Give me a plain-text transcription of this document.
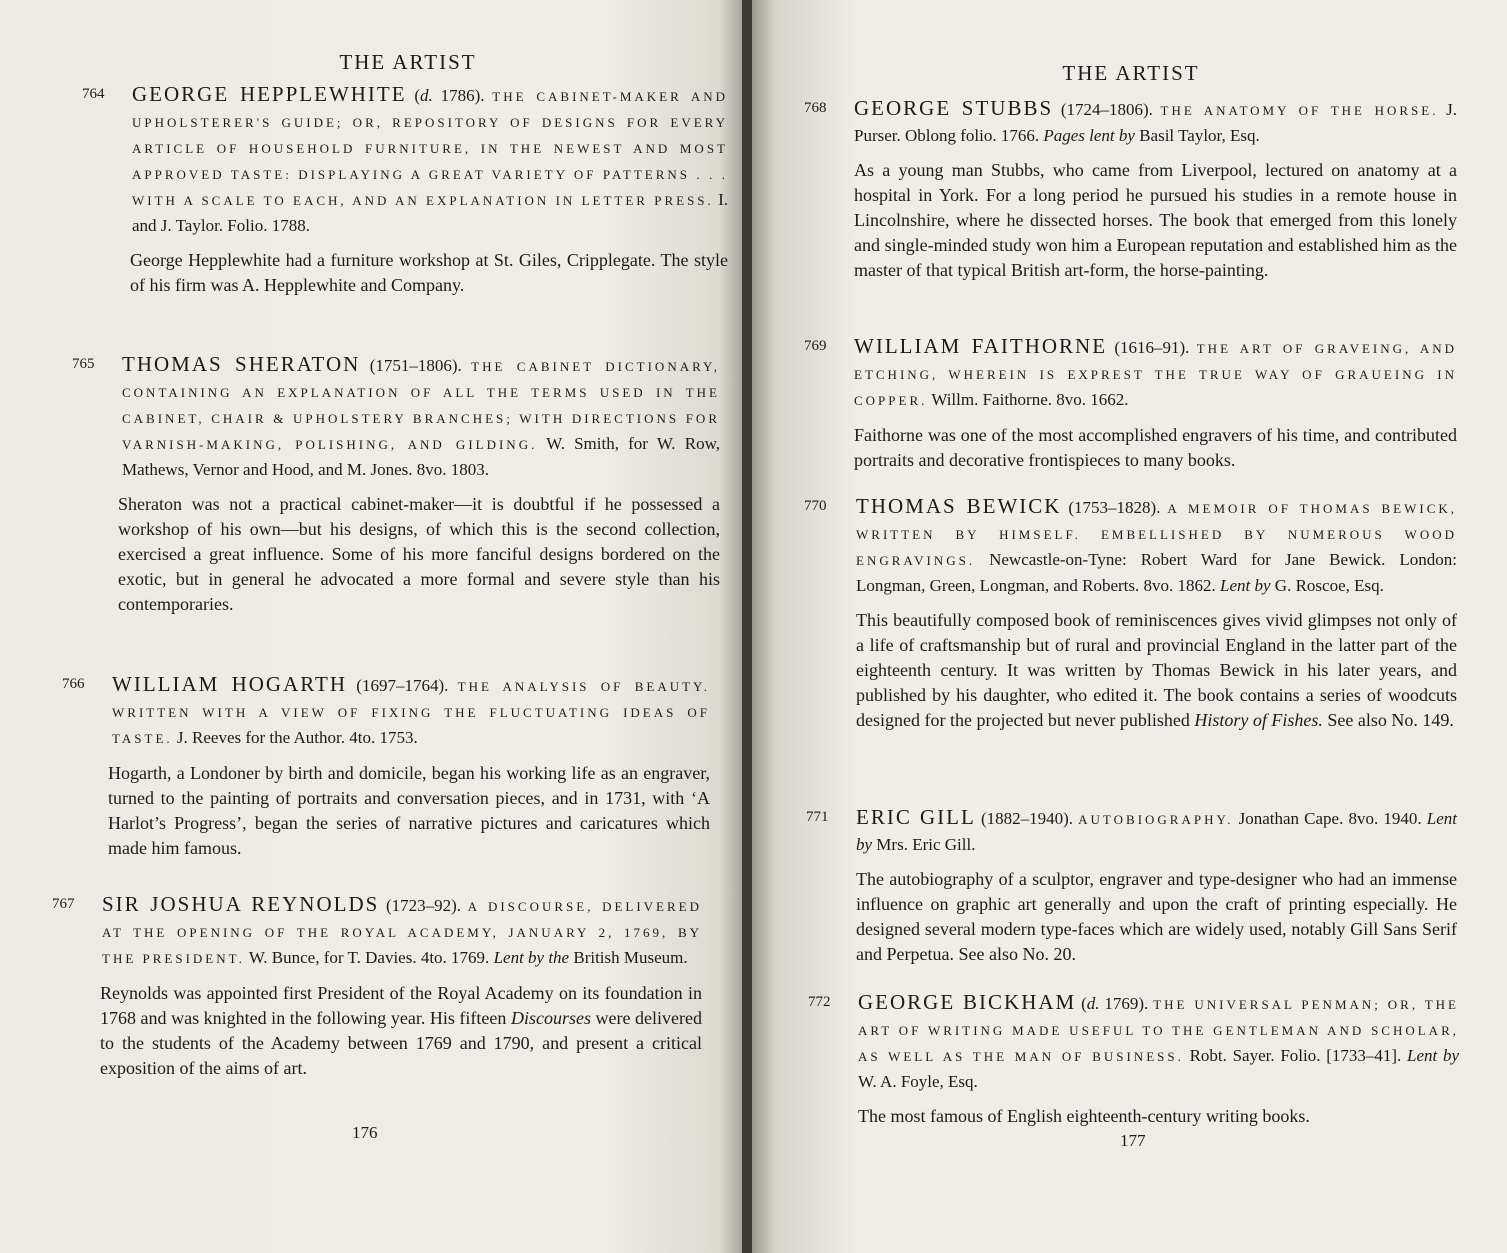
THE ARTIST
764 GEORGE HEPPLEWHITE (d. 1786). THE CABINET-MAKER AND UPHOLSTERER'S GUIDE; OR, REPOSITORY OF DESIGNS FOR EVERY ARTICLE OF HOUSEHOLD FURNITURE, IN THE NEWEST AND MOST APPROVED TASTE: DISPLAYING A GREAT VARIETY OF PATTERNS . . . WITH A SCALE TO EACH, AND AN EXPLANATION IN LETTER PRESS. I. and J. Taylor. Folio. 1788.
George Hepplewhite had a furniture workshop at St. Giles, Cripplegate. The style of his firm was A. Hepplewhite and Company.
765 THOMAS SHERATON (1751–1806). THE CABINET DICTIONARY, CONTAINING AN EXPLANATION OF ALL THE TERMS USED IN THE CABINET, CHAIR & UPHOLSTERY BRANCHES; WITH DIRECTIONS FOR VARNISH-MAKING, POLISHING, AND GILDING. W. Smith, for W. Row, Mathews, Vernor and Hood, and M. Jones. 8vo. 1803.
Sheraton was not a practical cabinet-maker—it is doubtful if he possessed a workshop of his own—but his designs, of which this is the second collection, exercised a great influence. Some of his more fanciful designs bordered on the exotic, but in general he advocated a more formal and severe style than his contemporaries.
766 WILLIAM HOGARTH (1697–1764). THE ANALYSIS OF BEAUTY. WRITTEN WITH A VIEW OF FIXING THE FLUCTUATING IDEAS OF TASTE. J. Reeves for the Author. 4to. 1753.
Hogarth, a Londoner by birth and domicile, began his working life as an engraver, turned to the painting of portraits and conversation pieces, and in 1731, with ‘A Harlot’s Progress’, began the series of narrative pictures and caricatures which made him famous.
767 SIR JOSHUA REYNOLDS (1723–92). A DISCOURSE, DELIVERED AT THE OPENING OF THE ROYAL ACADEMY, JANUARY 2, 1769, BY THE PRESIDENT. W. Bunce, for T. Davies. 4to. 1769. Lent by the British Museum.
Reynolds was appointed first President of the Royal Academy on its foundation in 1768 and was knighted in the following year. His fifteen Discourses were delivered to the students of the Academy between 1769 and 1790, and present a critical exposition of the aims of art.
176
THE ARTIST
768 GEORGE STUBBS (1724–1806). THE ANATOMY OF THE HORSE. J. Purser. Oblong folio. 1766. Pages lent by Basil Taylor, Esq.
As a young man Stubbs, who came from Liverpool, lectured on anatomy at a hospital in York. For a long period he pursued his studies in a remote house in Lincolnshire, where he dissected horses. The book that emerged from this lonely and single-minded study won him a European reputation and established him as the master of that typical British art-form, the horse-painting.
769 WILLIAM FAITHORNE (1616–91). THE ART OF GRAVEING, AND ETCHING, WHEREIN IS EXPREST THE TRUE WAY OF GRAUEING IN COPPER. Willm. Faithorne. 8vo. 1662.
Faithorne was one of the most accomplished engravers of his time, and contributed portraits and decorative frontispieces to many books.
770 THOMAS BEWICK (1753–1828). A MEMOIR OF THOMAS BEWICK, WRITTEN BY HIMSELF. EMBELLISHED BY NUMEROUS WOOD ENGRAVINGS. Newcastle-on-Tyne: Robert Ward for Jane Bewick. London: Longman, Green, Longman, and Roberts. 8vo. 1862. Lent by G. Roscoe, Esq.
This beautifully composed book of reminiscences gives vivid glimpses not only of a life of craftsmanship but of rural and provincial England in the latter part of the eighteenth century. It was written by Thomas Bewick in his later years, and published by his daughter, who edited it. The book contains a series of woodcuts designed for the projected but never published History of Fishes. See also No. 149.
771 ERIC GILL (1882–1940). AUTOBIOGRAPHY. Jonathan Cape. 8vo. 1940. Lent by Mrs. Eric Gill.
The autobiography of a sculptor, engraver and type-designer who had an immense influence on graphic art generally and upon the craft of printing especially. He designed several modern type-faces which are widely used, notably Gill Sans Serif and Perpetua. See also No. 20.
772 GEORGE BICKHAM (d. 1769). THE UNIVERSAL PENMAN; OR, THE ART OF WRITING MADE USEFUL TO THE GENTLEMAN AND SCHOLAR, AS WELL AS THE MAN OF BUSINESS. Robt. Sayer. Folio. [1733–41]. Lent by W. A. Foyle, Esq.
The most famous of English eighteenth-century writing books.
177
